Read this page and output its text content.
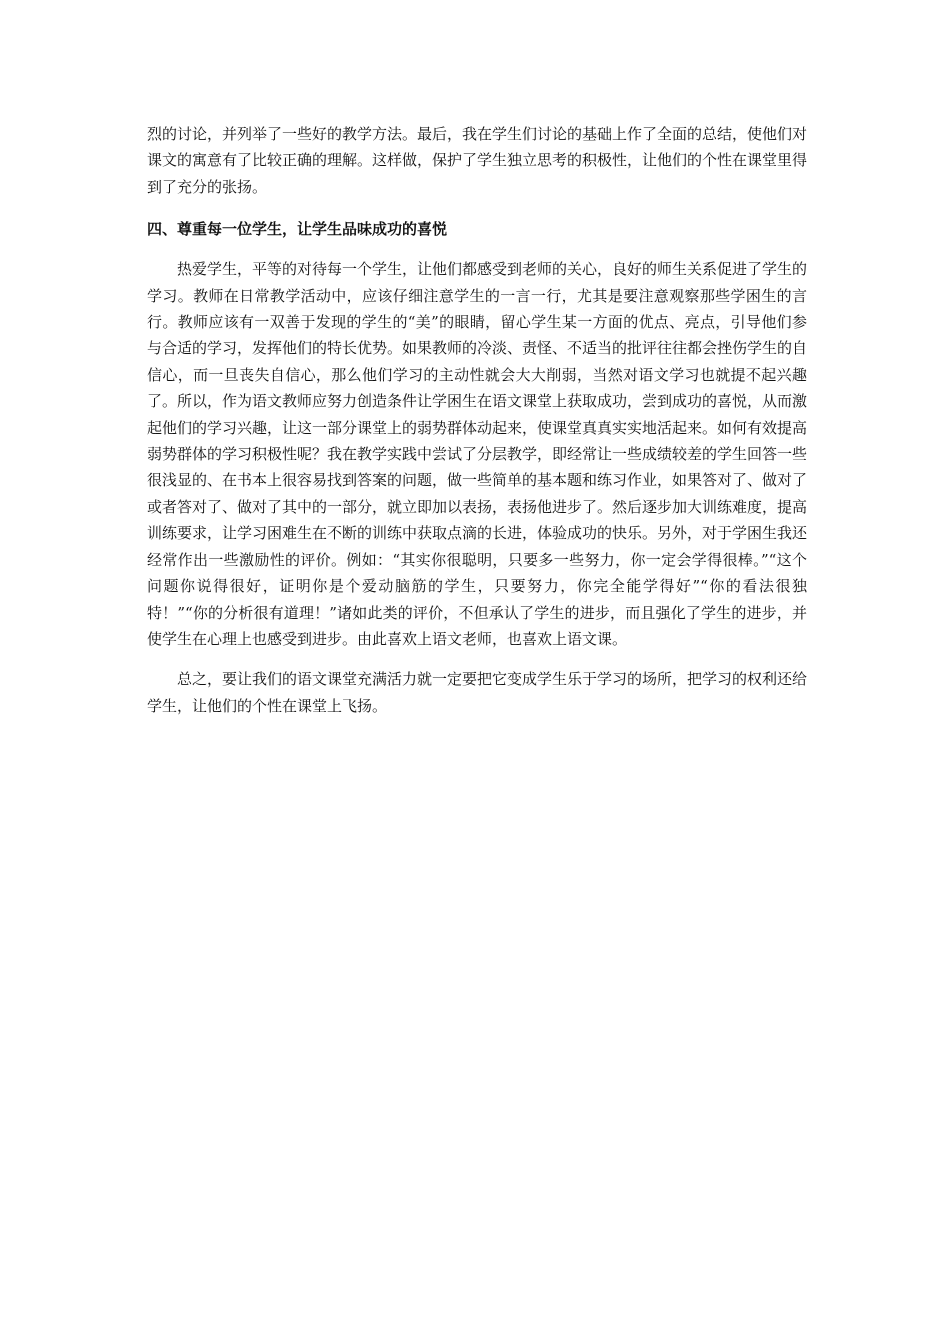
烈的讨论，并列举了一些好的教学方法。最后，我在学生们讨论的基础上作了全面的总结，使他们对课文的寓意有了比较正确的理解。这样做，保护了学生独立思考的积极性，让他们的个性在课堂里得到了充分的张扬。

四、尊重每一位学生，让学生品味成功的喜悦

热爱学生，平等的对待每一个学生，让他们都感受到老师的关心，良好的师生关系促进了学生的学习。教师在日常教学活动中，应该仔细注意学生的一言一行，尤其是要注意观察那些学困生的言行。教师应该有一双善于发现的学生的“美”的眼睛，留心学生某一方面的优点、亮点，引导他们参与合适的学习，发挥他们的特长优势。如果教师的冷淡、责怪、不适当的批评往往都会挫伤学生的自信心，而一旦丧失自信心，那么他们学习的主动性就会大大削弱，当然对语文学习也就提不起兴趣了。所以，作为语文教师应努力创造条件让学困生在语文课堂上获取成功，尝到成功的喜悦，从而激起他们的学习兴趣，让这一部分课堂上的弱势群体动起来，使课堂真真实实地活起来。如何有效提高弱势群体的学习积极性呢？我在教学实践中尝试了分层教学，即经常让一些成绩较差的学生回答一些很浅显的、在书本上很容易找到答案的问题，做一些简单的基本题和练习作业，如果答对了、做对了或者答对了、做对了其中的一部分，就立即加以表扬，表扬他进步了。然后逐步加大训练难度，提高训练要求，让学习困难生在不断的训练中获取点滴的长进，体验成功的快乐。另外，对于学困生我还经常作出一些激励性的评价。例如：“其实你很聪明，只要多一些努力，你一定会学得很棒。”“这个问题你说得很好，证明你是个爱动脑筋的学生，只要努力，你完全能学得好”“你的看法很独特！”“你的分析很有道理！”诸如此类的评价，不但承认了学生的进步，而且强化了学生的进步，并使学生在心理上也感受到进步。由此喜欢上语文老师，也喜欢上语文课。

总之，要让我们的语文课堂充满活力就一定要把它变成学生乐于学习的场所，把学习的权利还给学生，让他们的个性在课堂上飞扬。
